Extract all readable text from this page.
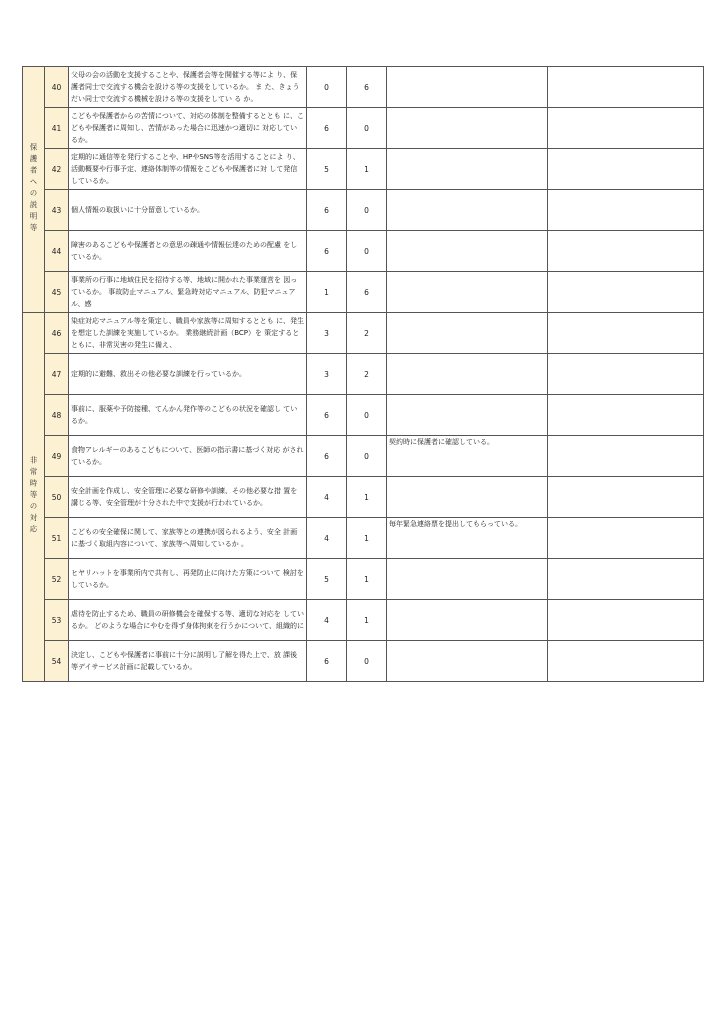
保護者への説明等	40	父母の会の活動を支援することや、保護者会等を開催する等によ り、保護者同士で交流する機会を設ける等の支援をしているか。 ま た、きょうだい同士で交流する機械を設ける等の支援をしてい る か。	0	6		
	41	こどもや保護者からの苦情について、対応の体制を整備するととも に、こどもや保護者に周知し、苦情があった場合に迅速かつ適切に 対応しているか。	6	0		
	42	定期的に通信等を発行することや、HPやSNS等を活用することによ り、活動概要や行事予定、連絡体制等の情報をこどもや保護者に対 して発信しているか。	5	1		
	43	個人情報の取扱いに十分留意しているか。	6	0		
	44	障害のあるこどもや保護者との意思の疎通や情報伝達のための配慮 をしているか。	6	0		
	45	事業所の行事に地域住民を招待する等、地域に開かれた事業運営を 図っているか。 事故防止マニュアル、緊急時対応マニュアル、防犯マニュアル、感	1	6		
非常時等の対応	46	染症対応マニュアル等を策定し、職員や家族等に周知するととも に、発生を想定した訓練を実施しているか。 業務継続計画（BCP）を 策定するとともに、非常災害の発生に備え、	3	2		
	47	定期的に避難、救出その他必要な訓練を行っているか。	3	2		
	48	事前に、服薬や予防接種、てんかん発作等のこどもの状況を確認し ているか。	6	0		
	49	食物アレルギーのあるこどもについて、医師の指示書に基づく対応 がされているか。	6	0	契約時に保護者に確認している。	
	50	安全計画を作成し、安全管理に必要な研修や訓練、その他必要な措 置を講じる等、安全管理が十分された中で支援が行われているか。	4	1		
	51	こどもの安全確保に関して、家族等との連携が図られるよう、安全 計画に基づく取組内容について、家族等へ周知しているか 。	4	1	毎年緊急連絡票を提出してもらっている。	
	52	ヒヤリハットを事業所内で共有し、再発防止に向けた方策について 検討をしているか。	5	1		
	53	虐待を防止するため、職員の研修機会を確保する等、適切な対応を しているか。 どのような場合にやむを得ず身体拘束を行うかについて、組織的に	4	1		
	54	決定し、こどもや保護者に事前に十分に説明し了解を得た上で、放 課後等デイサービス計画に記載しているか。	6	0		
